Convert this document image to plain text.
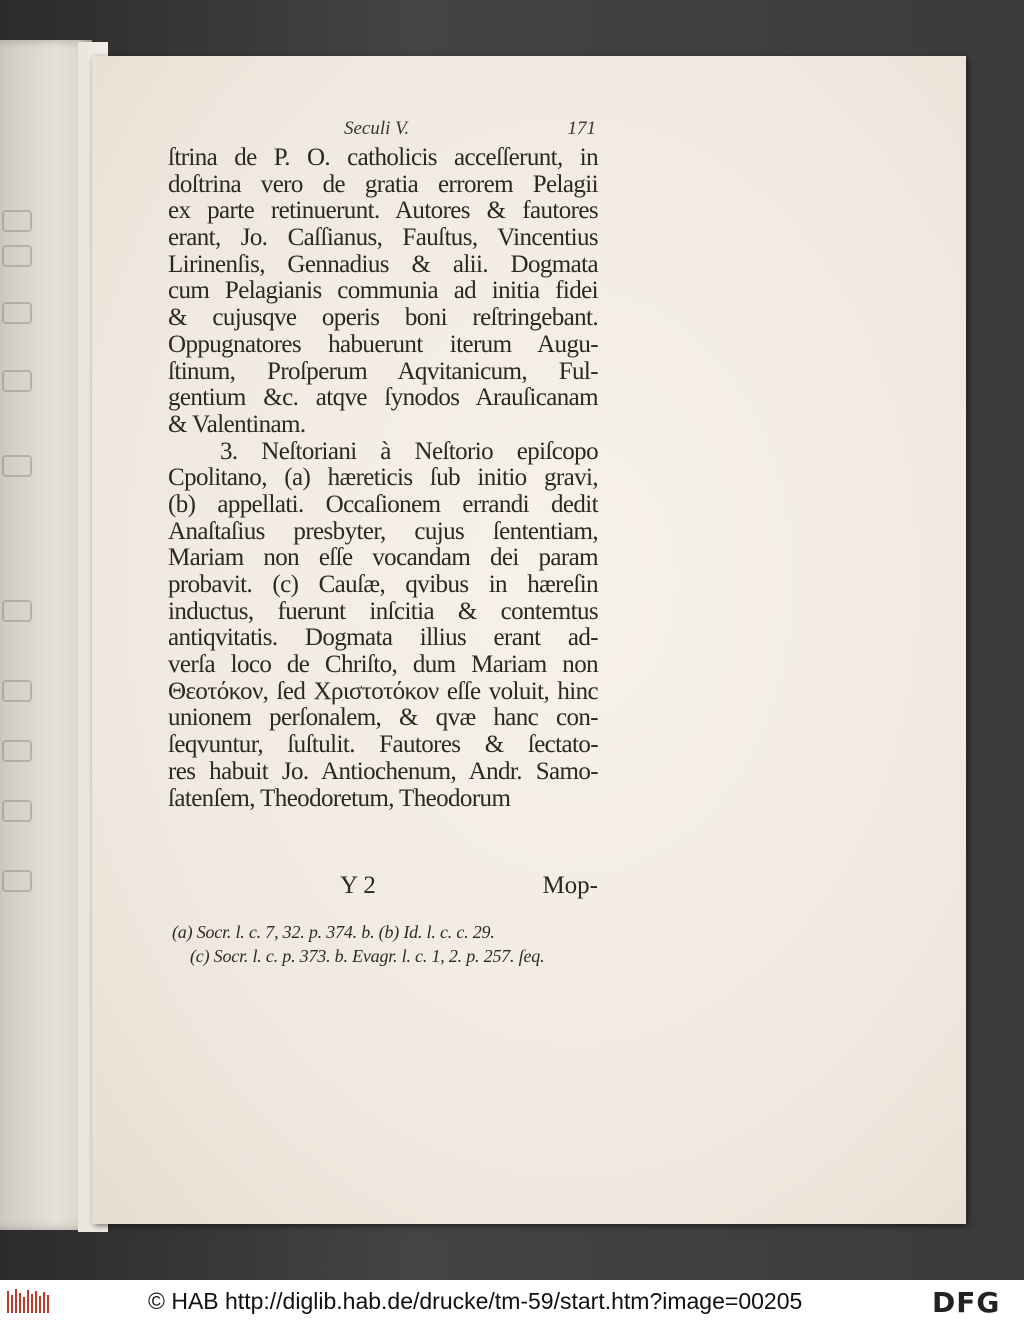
Seculi V.	171
ſtrina de P. O. catholicis acceſſerunt, in
doſtrina vero de gratia errorem Pelagii
ex parte retinuerunt. Autores & fautores
erant, Jo. Caſſianus, Fauſtus, Vincentius
Lirinenſis, Gennadius & alii. Dogmata
cum Pelagianis communia ad initia fidei
& cujusqve operis boni reſtringebant.
Oppugnatores habuerunt iterum Augu-
ſtinum, Proſperum Aqvitanicum, Ful-
gentium &c. atqve ſynodos Arauſicanam
& Valentinam.
3. Neſtoriani à Neſtorio epiſcopo
Cpolitano, (a) hæreticis ſub initio gravi,
(b) appellati. Occaſionem errandi dedit
Anaſtaſius presbyter, cujus ſententiam,
Mariam non eſſe vocandam dei param
probavit. (c) Cauſæ, qvibus in hæreſin
inductus, fuerunt inſcitia & contemtus
antiqvitatis. Dogmata illius erant ad-
verſa loco de Chriſto, dum Mariam non
Θεοτόκον, ſed Χριστοτόκον eſſe voluit, hinc
unionem perſonalem, & qvæ hanc con-
ſeqvuntur, ſuſtulit. Fautores & ſectato-
res habuit Jo. Antiochenum, Andr. Samo-
ſatenſem, Theodoretum, Theodorum
Y 2	Mop-
(a) Socr. l. c. 7, 32. p. 374. b. (b) Id. l. c. c. 29.
(c) Socr. l. c. p. 373. b. Evagr. l. c. 1, 2. p. 257. ſeq.
© HAB http://diglib.hab.de/drucke/tm-59/start.htm?image=00205	DFG
